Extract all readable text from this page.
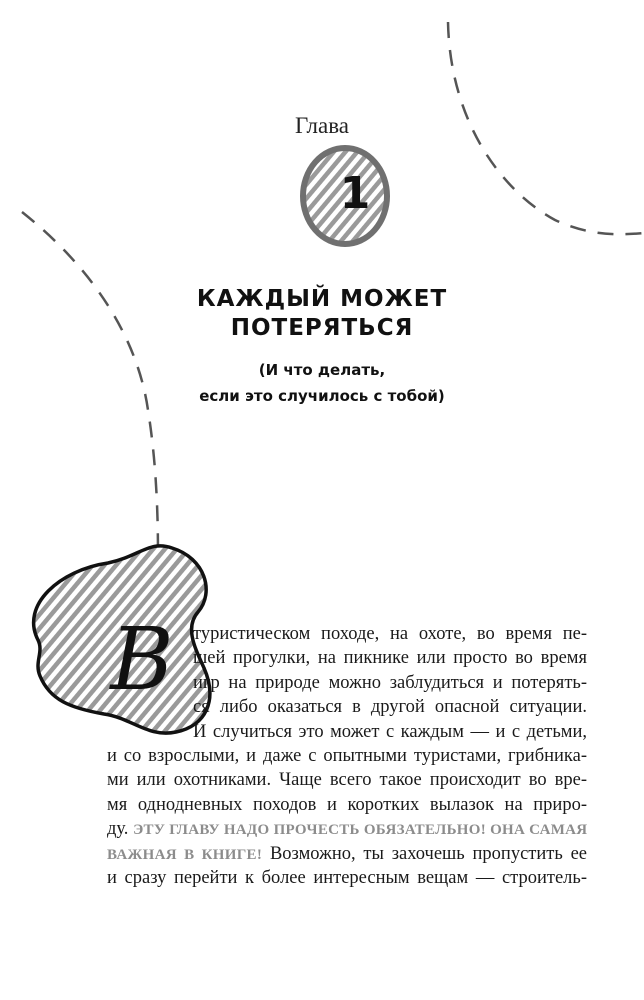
Глава
1
КАЖДЫЙ МОЖЕТ
ПОТЕРЯТЬСЯ
(И что делать,
если это случилось с тобой)
В	туристическом походе, на охоте, во время пе-
шей прогулки, на пикнике или просто во время
игр на природе можно заблудиться и потерять-
ся либо оказаться в другой опасной ситуации.
И случиться это может с каждым — и с детьми,
и со взрослыми, и даже с опытными туристами, грибника-
ми или охотниками. Чаще всего такое происходит во вре-
мя однодневных походов и коротких вылазок на приро-
ду. ЭТУ ГЛАВУ НАДО ПРОЧЕСТЬ ОБЯЗАТЕЛЬНО! ОНА САМАЯ
ВАЖНАЯ В КНИГЕ! Возможно, ты захочешь пропустить ее
и сразу перейти к более интересным вещам — строитель-
